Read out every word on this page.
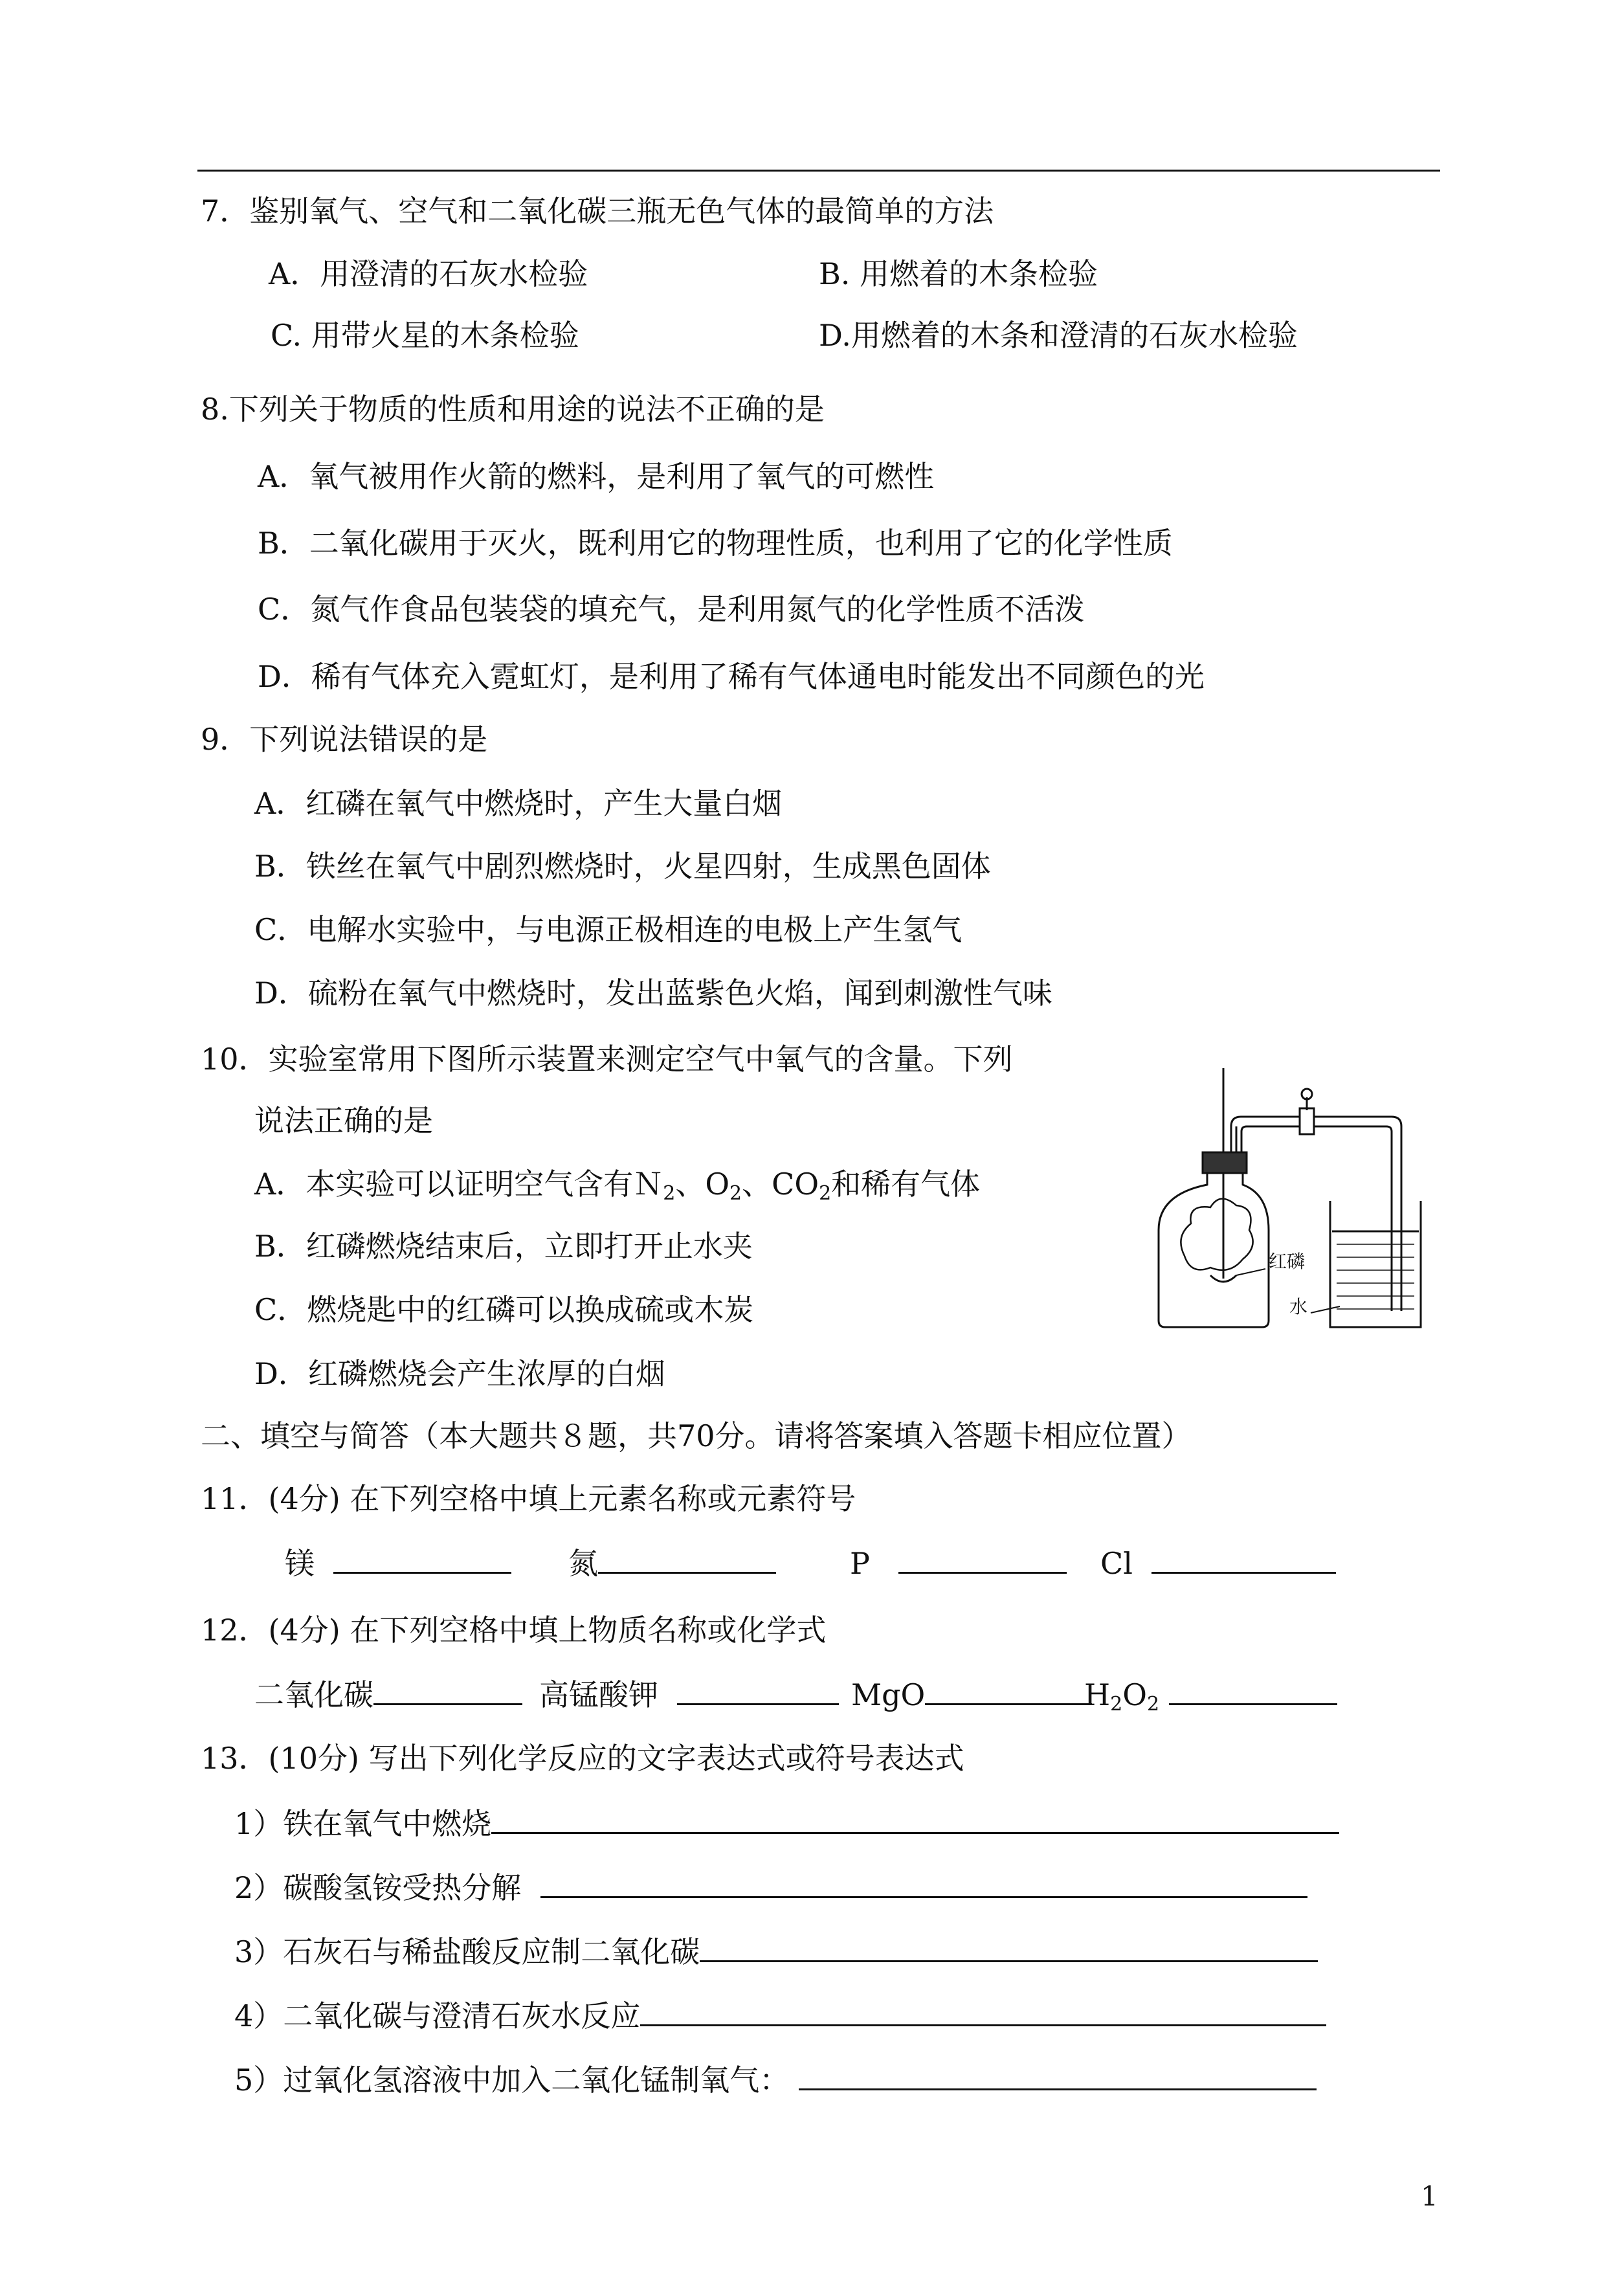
7．鉴别氧气、空气和二氧化碳三瓶无色气体的最简单的方法
A．用澄清的石灰水检验	B. 用燃着的木条检验
C. 用带火星的木条检验	D.用燃着的木条和澄清的石灰水检验
8.下列关于物质的性质和用途的说法不正确的是
A．氧气被用作火箭的燃料，是利用了氧气的可燃性
B．二氧化碳用于灭火，既利用它的物理性质，也利用了它的化学性质
C．氮气作食品包装袋的填充气，是利用氮气的化学性质不活泼
D．稀有气体充入霓虹灯，是利用了稀有气体通电时能发出不同颜色的光
9．下列说法错误的是
A．红磷在氧气中燃烧时，产生大量白烟
B．铁丝在氧气中剧烈燃烧时，火星四射，生成黑色固体
C．电解水实验中，与电源正极相连的电极上产生氢气
D．硫粉在氧气中燃烧时，发出蓝紫色火焰，闻到刺激性气味
10．实验室常用下图所示装置来测定空气中氧气的含量。下列
说法正确的是
A．本实验可以证明空气含有Ｎ$_2$、$O_2$、$CO_2$和稀有气体
B．红磷燃烧结束后，立即打开止水夹
C．燃烧匙中的红磷可以换成硫或木炭
D．红磷燃烧会产生浓厚的白烟
红磷
水
二、填空与简答（本大题共８题，共70分。请将答案填入答题卡相应位置）
11．(4分) 在下列空格中填上元素名称或元素符号
镁	氮	P	Cl
12．(4分) 在下列空格中填上物质名称或化学式
二氧化碳	高锰酸钾	MgO	$H_2O_2$
13．(10分) 写出下列化学反应的文字表达式或符号表达式
1）铁在氧气中燃烧
2）碳酸氢铵受热分解
3）石灰石与稀盐酸反应制二氧化碳
4）二氧化碳与澄清石灰水反应
5）过氧化氢溶液中加入二氧化锰制氧气：
1
